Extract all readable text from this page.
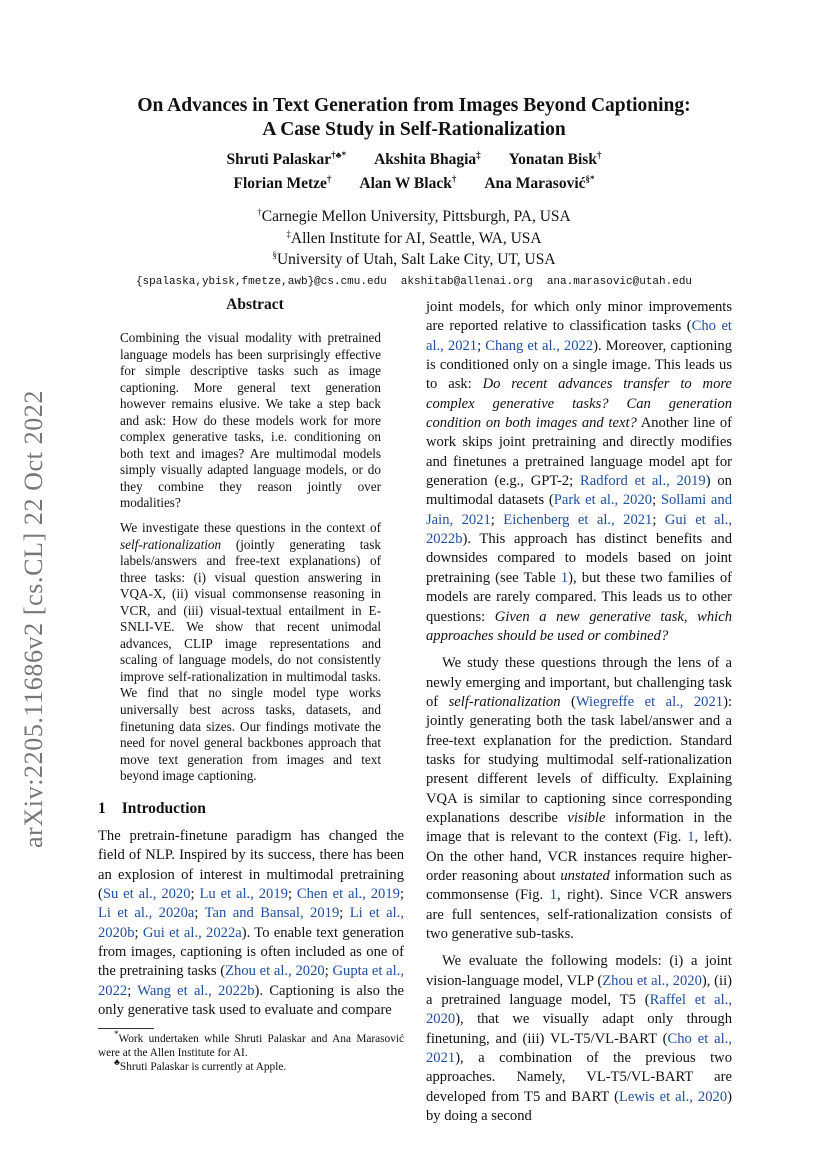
On Advances in Text Generation from Images Beyond Captioning:
A Case Study in Self-Rationalization
Shruti Palaskar†♣* Akshita Bhagia‡ Yonatan Bisk†
Florian Metze† Alan W Black† Ana Marasović§*
†Carnegie Mellon University, Pittsburgh, PA, USA
‡Allen Institute for AI, Seattle, WA, USA
§University of Utah, Salt Lake City, UT, USA
{spalaska,ybisk,fmetze,awb}@cs.cmu.edu akshitab@allenai.org ana.marasovic@utah.edu
arXiv:2205.11686v2 [cs.CL] 22 Oct 2022
Abstract

Combining the visual modality with pretrained language models has been surprisingly effective for simple descriptive tasks such as image captioning. More general text generation however remains elusive. We take a step back and ask: How do these models work for more complex generative tasks, i.e. conditioning on both text and images? Are multimodal models simply visually adapted language models, or do they combine they reason jointly over modalities?

We investigate these questions in the context of self-rationalization (jointly generating task labels/answers and free-text explanations) of three tasks: (i) visual question answering in VQA-X, (ii) visual commonsense reasoning in VCR, and (iii) visual-textual entailment in E-SNLI-VE. We show that recent unimodal advances, CLIP image representations and scaling of language models, do not consistently improve self-rationalization in multimodal tasks. We find that no single model type works universally best across tasks, datasets, and finetuning data sizes. Our findings motivate the need for novel general backbones approach that move text generation from images and text beyond image captioning.

1 Introduction

The pretrain-finetune paradigm has changed the field of NLP. Inspired by its success, there has been an explosion of interest in multimodal pretraining (Su et al., 2020; Lu et al., 2019; Chen et al., 2019; Li et al., 2020a; Tan and Bansal, 2019; Li et al., 2020b; Gui et al., 2022a). To enable text generation from images, captioning is often included as one of the pretraining tasks (Zhou et al., 2020; Gupta et al., 2022; Wang et al., 2022b). Captioning is also the only generative task used to evaluate and compare

*Work undertaken while Shruti Palaskar and Ana Marasović were at the Allen Institute for AI.

♣Shruti Palaskar is currently at Apple.

joint models, for which only minor improvements are reported relative to classification tasks (Cho et al., 2021; Chang et al., 2022). Moreover, captioning is conditioned only on a single image. This leads us to ask: Do recent advances transfer to more complex generative tasks? Can generation condition on both images and text? Another line of work skips joint pretraining and directly modifies and finetunes a pretrained language model apt for generation (e.g., GPT-2; Radford et al., 2019) on multimodal datasets (Park et al., 2020; Sollami and Jain, 2021; Eichenberg et al., 2021; Gui et al., 2022b). This approach has distinct benefits and downsides compared to models based on joint pretraining (see Table 1), but these two families of models are rarely compared. This leads us to other questions: Given a new generative task, which approaches should be used or combined?

We study these questions through the lens of a newly emerging and important, but challenging task of self-rationalization (Wiegreffe et al., 2021): jointly generating both the task label/answer and a free-text explanation for the prediction. Standard tasks for studying multimodal self-rationalization present different levels of difficulty. Explaining VQA is similar to captioning since corresponding explanations describe visible information in the image that is relevant to the context (Fig. 1, left). On the other hand, VCR instances require higher-order reasoning about unstated information such as commonsense (Fig. 1, right). Since VCR answers are full sentences, self-rationalization consists of two generative sub-tasks.

We evaluate the following models: (i) a joint vision-language model, VLP (Zhou et al., 2020), (ii) a pretrained language model, T5 (Raffel et al., 2020), that we visually adapt only through finetuning, and (iii) VL-T5/VL-BART (Cho et al., 2021), a combination of the previous two approaches. Namely, VL-T5/VL-BART are developed from T5 and BART (Lewis et al., 2020) by doing a second
